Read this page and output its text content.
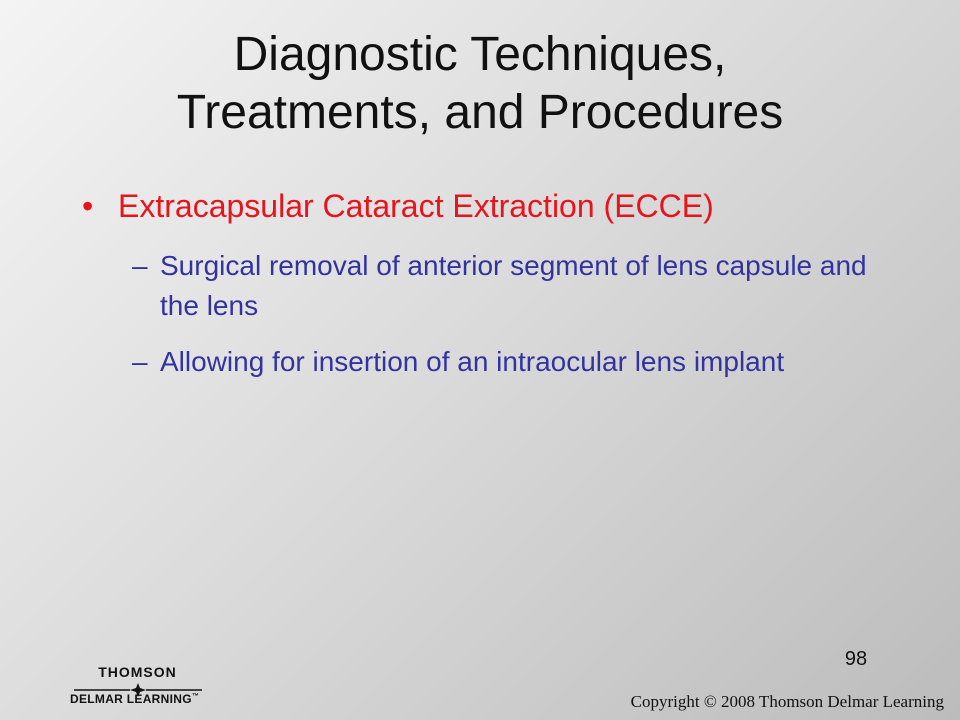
Diagnostic Techniques,
Treatments, and Procedures
• Extracapsular Cataract Extraction (ECCE)
– Surgical removal of anterior segment of lens capsule and the lens
– Allowing for insertion of an intraocular lens implant
98
THOMSON
DELMAR LEARNING™	Copyright © 2008 Thomson Delmar Learning
